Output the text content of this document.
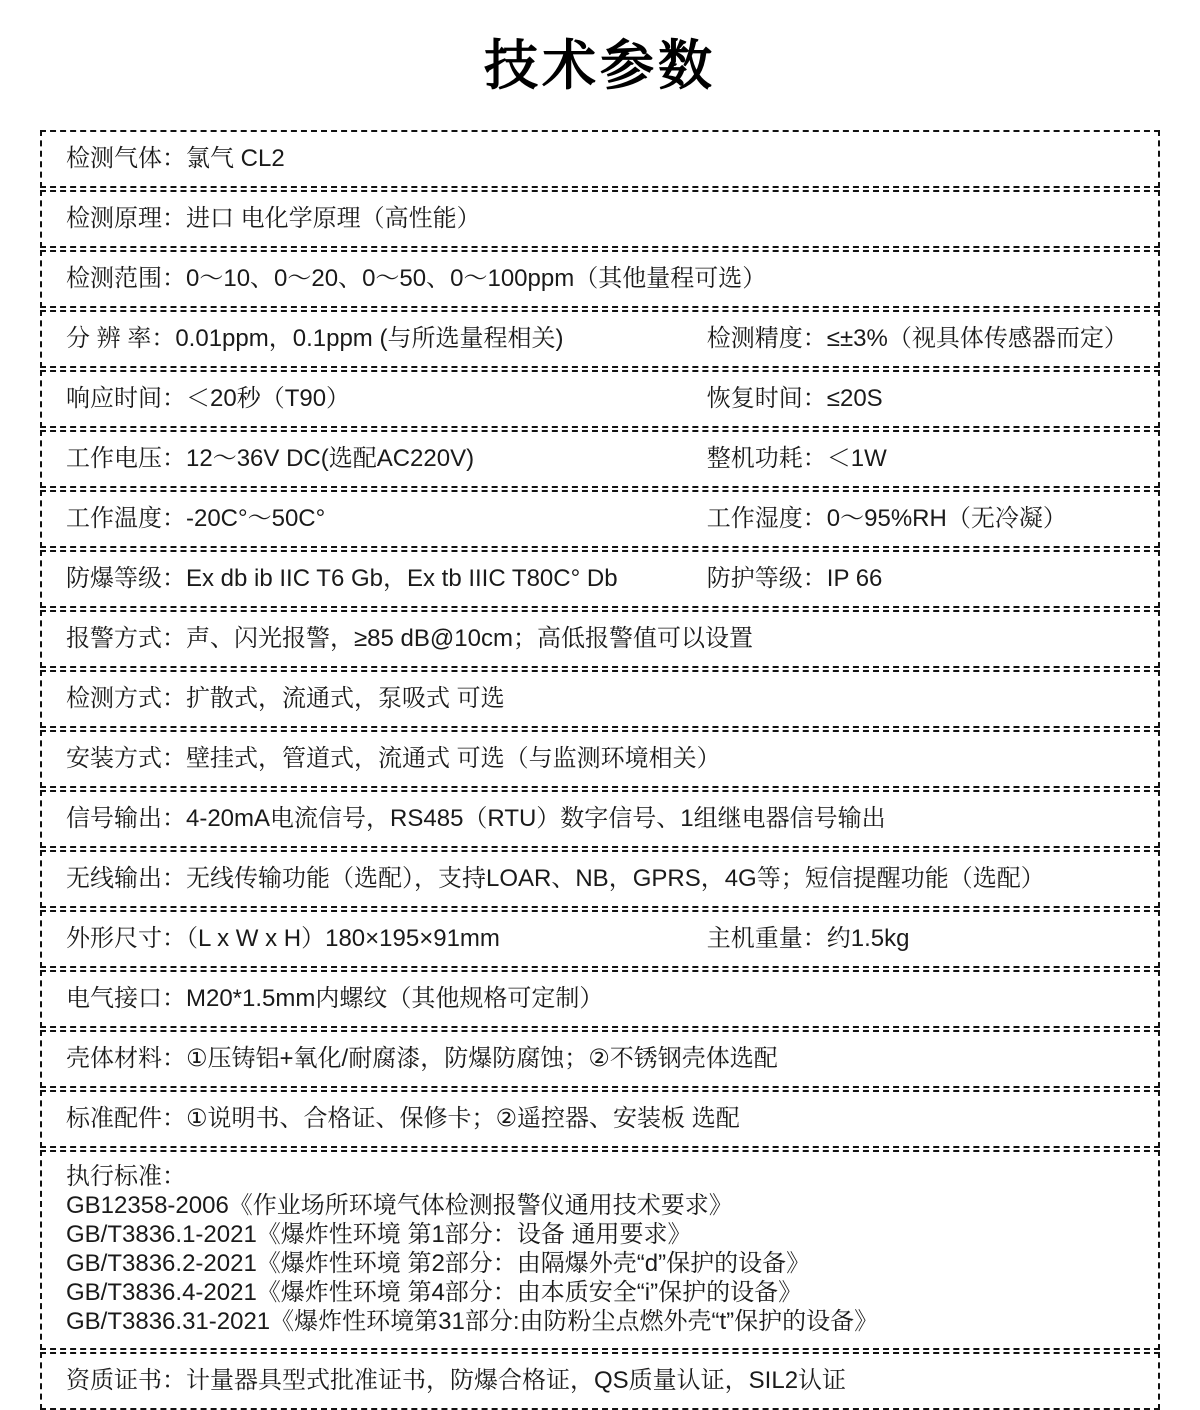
技术参数
检测气体：氯气 CL2
检测原理：进口 电化学原理（高性能）
检测范围：0～10、0～20、0～50、0～100ppm（其他量程可选）
分 辨 率：0.01ppm，0.1ppm (与所选量程相关)	检测精度：≤±3%（视具体传感器而定）
响应时间：＜20秒（T90）	恢复时间：≤20S
工作电压：12～36V DC(选配AC220V)	整机功耗：＜1W
工作温度：-20C°～50C°	工作湿度：0～95%RH（无冷凝）
防爆等级：Ex db ib IIC T6 Gb，Ex tb IIIC T80C° Db	防护等级：IP 66
报警方式：声、闪光报警，≥85 dB@10cm；高低报警值可以设置
检测方式：扩散式，流通式，泵吸式 可选
安装方式：壁挂式，管道式，流通式 可选（与监测环境相关）
信号输出：4-20mA电流信号，RS485（RTU）数字信号、1组继电器信号输出
无线输出：无线传输功能（选配），支持LOAR、NB，GPRS，4G等；短信提醒功能（选配）
外形尺寸：（L x W x H）180×195×91mm	主机重量：约1.5kg
电气接口：M20*1.5mm内螺纹（其他规格可定制）
壳体材料：①压铸铝+氧化/耐腐漆，防爆防腐蚀；②不锈钢壳体选配
标准配件：①说明书、合格证、保修卡；②遥控器、安装板 选配
执行标准：
GB12358-2006《作业场所环境气体检测报警仪通用技术要求》
GB/T3836.1-2021《爆炸性环境 第1部分：设备 通用要求》
GB/T3836.2-2021《爆炸性环境 第2部分：由隔爆外壳“d”保护的设备》
GB/T3836.4-2021《爆炸性环境 第4部分：由本质安全“i”保护的设备》
GB/T3836.31-2021《爆炸性环境第31部分:由防粉尘点燃外壳“t”保护的设备》
资质证书：计量器具型式批准证书，防爆合格证，QS质量认证，SIL2认证
